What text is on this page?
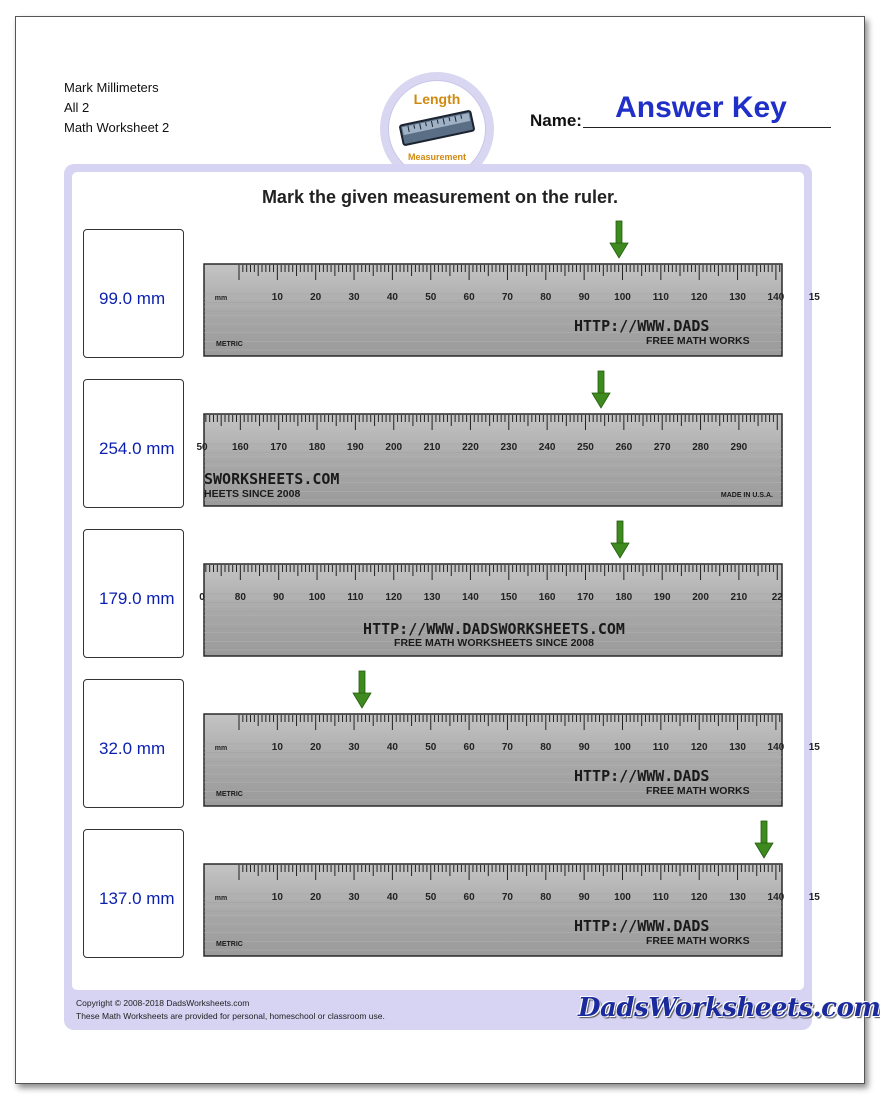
Mark Millimeters
All 2
Math Worksheet 2
Length
Measurement
Name:	Answer Key
Mark the given measurement on the ruler.
99.0 mm	mm	10	20	30	40	50	60	70	80	90 100 110 120 130 140 15
HTTP://WWW.DADS
FREE MATH WORKS
METRIC
254.0 mm 50 160 170 180 190 200 210 220 230 240 250 260 270 280 290
SWORKSHEETS.COM
HEETS SINCE 2008	MADE IN U.S.A.
179.0 mm 0	80	90 100 110 120 130 140 150 160 170 180 190 200 210 22
HTTP://WWW.DADSWORKSHEETS.COM
FREE MATH WORKSHEETS SINCE 2008
32.0 mm	mm	10	20	30	40	50	60	70	80	90 100 110 120 130 140 15
HTTP://WWW.DADS
FREE MATH WORKS
METRIC
137.0 mm	mm	10	20	30	40	50	60	70	80	90 100 110 120 130 140 15
HTTP://WWW.DADS
FREE MATH WORKS
METRIC
Copyright © 2008-2018 DadsWorksheets.com
These Math Worksheets are provided for personal, homeschool or classroom use.	DadsWorksheets.com
